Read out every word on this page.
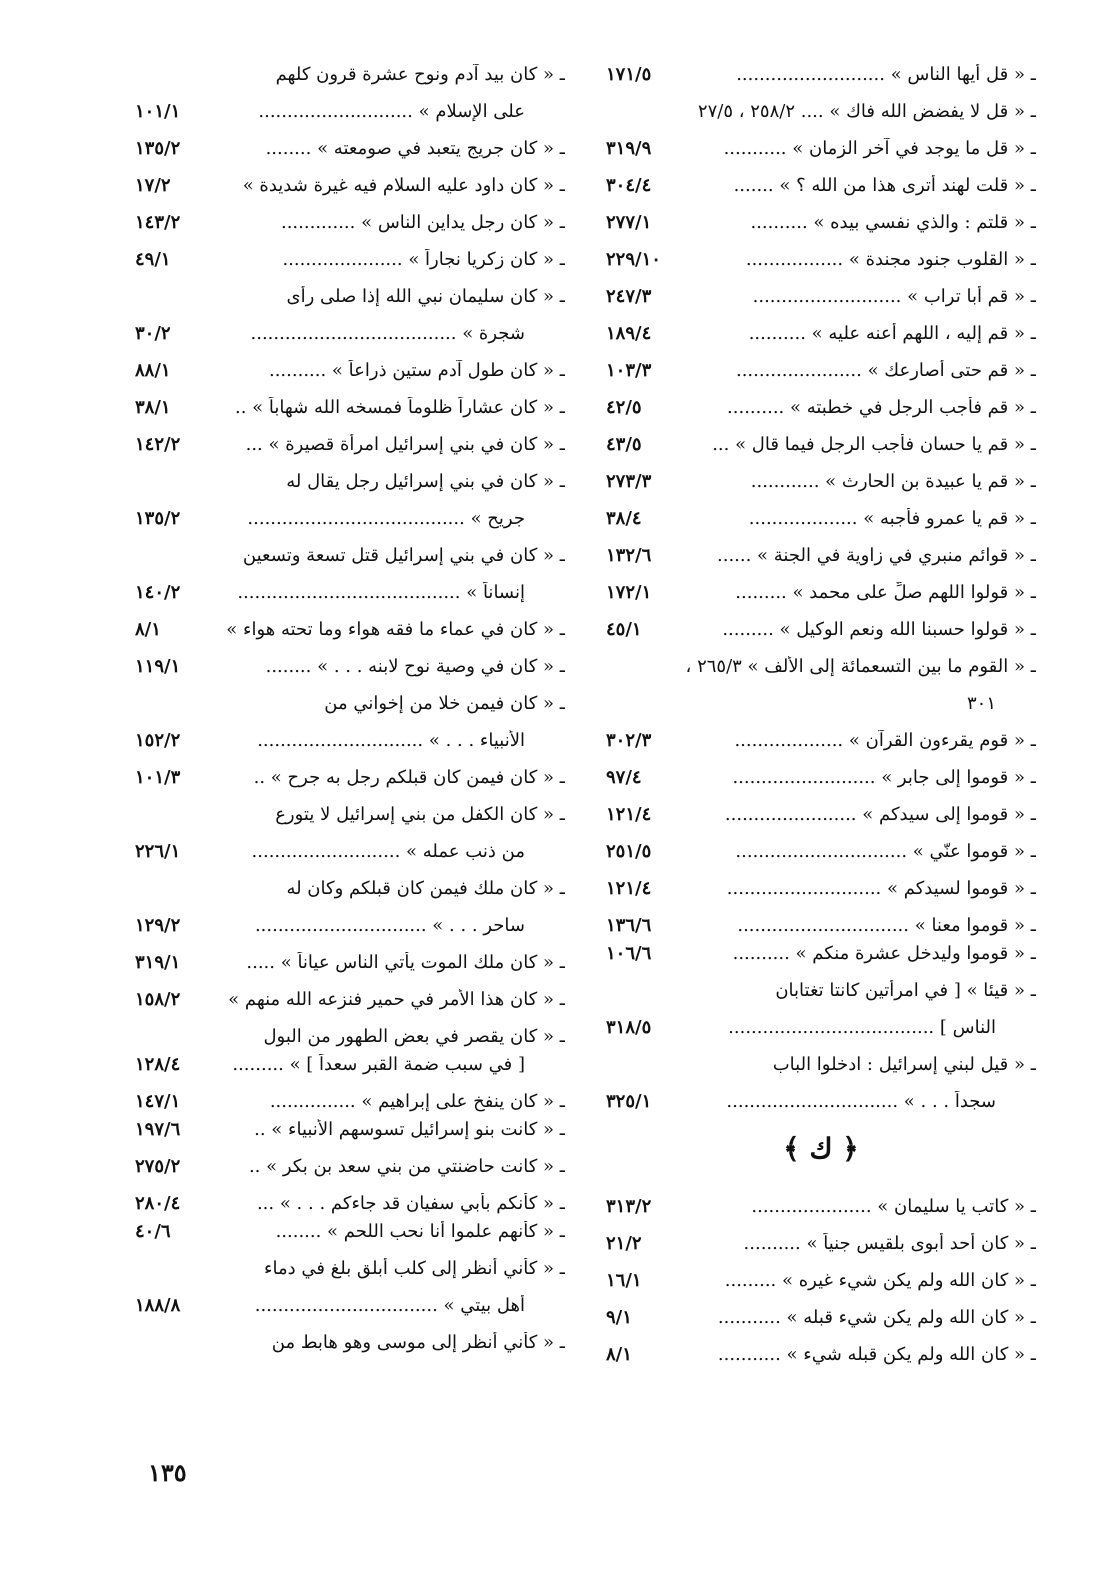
ـ « قل أيها الناس » ..........................
١٧١/٥
ـ « قل لا يفضض الله فاك » .... ٢٥٨/٢ ، ٢٧/٥
ـ « قل ما يوجد في آخر الزمان » ...........
٣١٩/٩
ـ « قلت لهند أترى هذا من الله ؟ » .......
٣٠٤/٤
ـ « قلتم : والذي نفسي بيده » ..........
٢٧٧/١
ـ « القلوب جنود مجندة » .................
٢٢٩/١٠
ـ « قم أبا تراب » ..........................
٢٤٧/٣
ـ « قم إليه ، اللهم أعنه عليه » ..........
١٨٩/٤
ـ « قم حتى أصارعك » ......................
١٠٣/٣
ـ « قم فأجب الرجل في خطبته » ..........
٤٢/٥
ـ « قم يا حسان فأجب الرجل فيما قال » ...
٤٣/٥
ـ « قم يا عبيدة بن الحارث » ............
٢٧٣/٣
ـ « قم يا عمرو فأجبه » ...................
٣٨/٤
ـ « قوائم منبري في زاوية في الجنة » ......
١٣٢/٦
ـ « قولوا اللهم صلِّ على محمد » .........
١٧٢/١
ـ « قولوا حسبنا الله ونعم الوكيل » .........
٤٥/١
ـ « القوم ما بين التسعمائة إلى الألف » ٢٦٥/٣ ،
٣٠١
ـ « قوم يقرءون القرآن » ...................
٣٠٢/٣
ـ « قوموا إلى جابر » .........................
٩٧/٤
ـ « قوموا إلى سيدكم » .......................
١٢١/٤
ـ « قوموا عنّي » ..............................
٢٥١/٥
ـ « قوموا لسيدكم » ...........................
١٢١/٤
ـ « قوموا معنا » ..............................
١٣٦/٦
ـ « قوموا وليدخل عشرة منكم » ..........
١٠٦/٦
ـ « قيئا » [ في امرأتين كانتا تغتابان
الناس ] ....................................
٣١٨/٥
ـ « قيل لبني إسرائيل : ادخلوا الباب
سجداً . . . » ..............................
٣٢٥/١
﴿ ك ﴾
ـ « كاتب يا سليمان » .....................
٣١٣/٢
ـ « كان أحد أبوى بلقيس جنياً » ..........
٢١/٢
ـ « كان الله ولم يكن شيء غيره » .........
١٦/١
ـ « كان الله ولم يكن شيء قبله » ...........
٩/١
ـ « كان الله ولم يكن قبله شيء » ...........
٨/١
ـ « كان بيد آدم ونوح عشرة قرون كلهم
على الإسلام » ...........................
١٠١/١
ـ « كان جريج يتعبد في صومعته » ........
١٣٥/٢
ـ « كان داود عليه السلام فيه غيرة شديدة »
١٧/٢
ـ « كان رجل يداين الناس » .............
١٤٣/٢
ـ « كان زكريا نجاراً » .....................
٤٩/١
ـ « كان سليمان نبي الله إذا صلى رأى
شجرة » ....................................
٣٠/٢
ـ « كان طول آدم ستين ذراعاً » ..........
٨٨/١
ـ « كان عشاراً ظلوماً فمسخه الله شهاباً » ..
٣٨/١
ـ « كان في بني إسرائيل امرأة قصيرة » ...
١٤٢/٢
ـ « كان في بني إسرائيل رجل يقال له
جريح » ......................................
١٣٥/٢
ـ « كان في بني إسرائيل قتل تسعة وتسعين
إنساناً » .......................................
١٤٠/٢
ـ « كان في عماء ما فقه هواء وما تحته هواء »
٨/١
ـ « كان في وصية نوح لابنه . . . » ........
١١٩/١
ـ « كان فيمن خلا من إخواني من
الأنبياء . . . » .............................
١٥٢/٢
ـ « كان فيمن كان قبلكم رجل به جرح » ..
١٠١/٣
ـ « كان الكفل من بني إسرائيل لا يتورع
من ذنب عمله » ..........................
٢٢٦/١
ـ « كان ملك فيمن كان قبلكم وكان له
ساحر . . . » ..............................
١٢٩/٢
ـ « كان ملك الموت يأتي الناس عياناً » .....
٣١٩/١
ـ « كان هذا الأمر في حمير فنزعه الله منهم »
١٥٨/٢
ـ « كان يقصر في بعض الطهور من البول
[ في سبب ضمة القبر سعداً ] » .........
١٢٨/٤
ـ « كان ينفخ على إبراهيم » ...............
١٤٧/١
ـ « كانت بنو إسرائيل تسوسهم الأنبياء » ..
١٩٧/٦
ـ « كانت حاضنتي من بني سعد بن بكر » ..
٢٧٥/٢
ـ « كأنكم بأبي سفيان قد جاءكم . . . » ...
٢٨٠/٤
ـ « كأنهم علموا أنا نحب اللحم » ........
٤٠/٦
ـ « كأني أنظر إلى كلب أبلق بلغ في دماء
أهل بيتي » ................................
١٨٨/٨
ـ « كأني أنظر إلى موسى وهو هابط من
١٣٥
